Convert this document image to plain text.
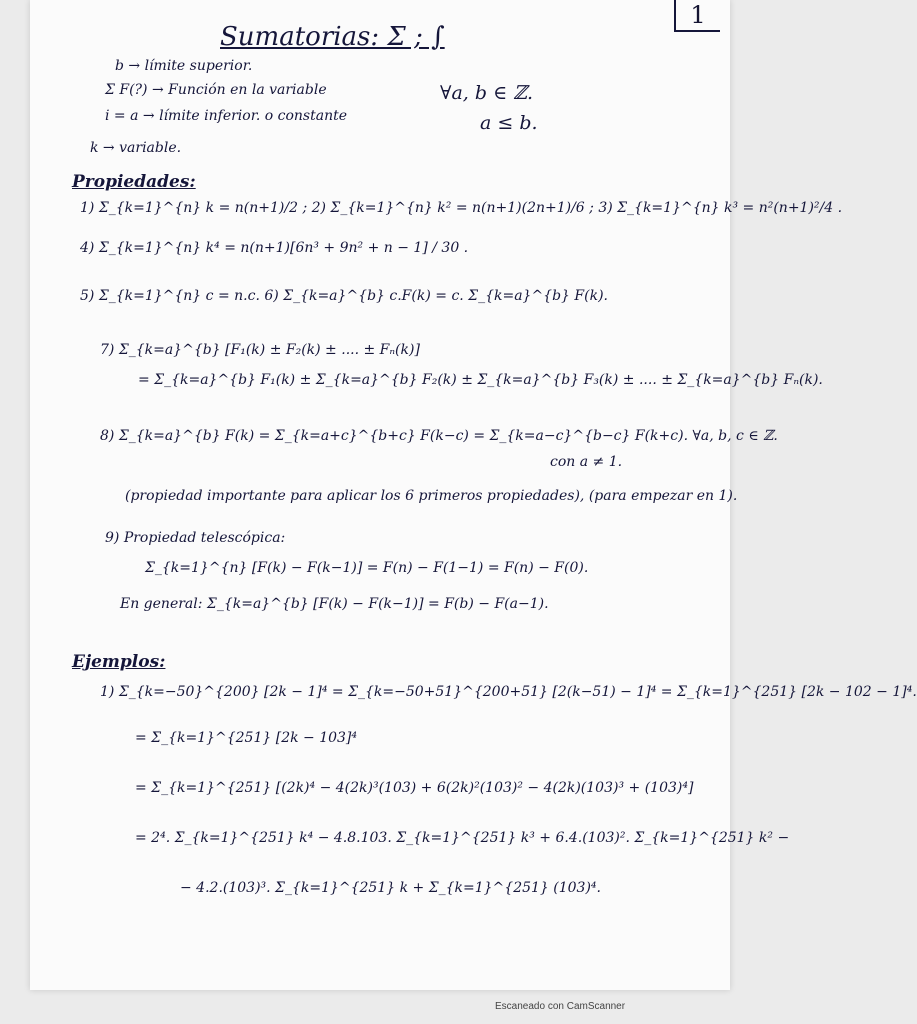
1
Sumatorias: Σ ; ∫
b → límite superior.
Σ F(?) → Función en la variable	∀a, b ∈ ℤ.
i = a → límite inferior. o constante	a ≤ b.
k → variable.
Propiedades:
1) Σ_{k=1}^{n} k = n(n+1)/2 ; 2) Σ_{k=1}^{n} k² = n(n+1)(2n+1)/6 ; 3) Σ_{k=1}^{n} k³ = n²(n+1)²/4 .
4) Σ_{k=1}^{n} k⁴ = n(n+1)[6n³ + 9n² + n − 1] / 30 .
5) Σ_{k=1}^{n} c = n.c. 6) Σ_{k=a}^{b} c.F(k) = c. Σ_{k=a}^{b} F(k).
7) Σ_{k=a}^{b} [F₁(k) ± F₂(k) ± .... ± Fₙ(k)]
= Σ_{k=a}^{b} F₁(k) ± Σ_{k=a}^{b} F₂(k) ± Σ_{k=a}^{b} F₃(k) ± .... ± Σ_{k=a}^{b} Fₙ(k).
8) Σ_{k=a}^{b} F(k) = Σ_{k=a+c}^{b+c} F(k−c) = Σ_{k=a−c}^{b−c} F(k+c). ∀a, b, c ∈ ℤ.
con a ≠ 1.
(propiedad importante para aplicar los 6 primeros propiedades), (para empezar en 1).
9) Propiedad telescópica:
Σ_{k=1}^{n} [F(k) − F(k−1)] = F(n) − F(1−1) = F(n) − F(0).
En general: Σ_{k=a}^{b} [F(k) − F(k−1)] = F(b) − F(a−1).
Ejemplos:
1) Σ_{k=−50}^{200} [2k − 1]⁴ = Σ_{k=−50+51}^{200+51} [2(k−51) − 1]⁴ = Σ_{k=1}^{251} [2k − 102 − 1]⁴.
= Σ_{k=1}^{251} [2k − 103]⁴
= Σ_{k=1}^{251} [(2k)⁴ − 4(2k)³(103) + 6(2k)²(103)² − 4(2k)(103)³ + (103)⁴]
= 2⁴. Σ_{k=1}^{251} k⁴ − 4.8.103. Σ_{k=1}^{251} k³ + 6.4.(103)². Σ_{k=1}^{251} k² −
− 4.2.(103)³. Σ_{k=1}^{251} k + Σ_{k=1}^{251} (103)⁴.
Escaneado con CamScanner
